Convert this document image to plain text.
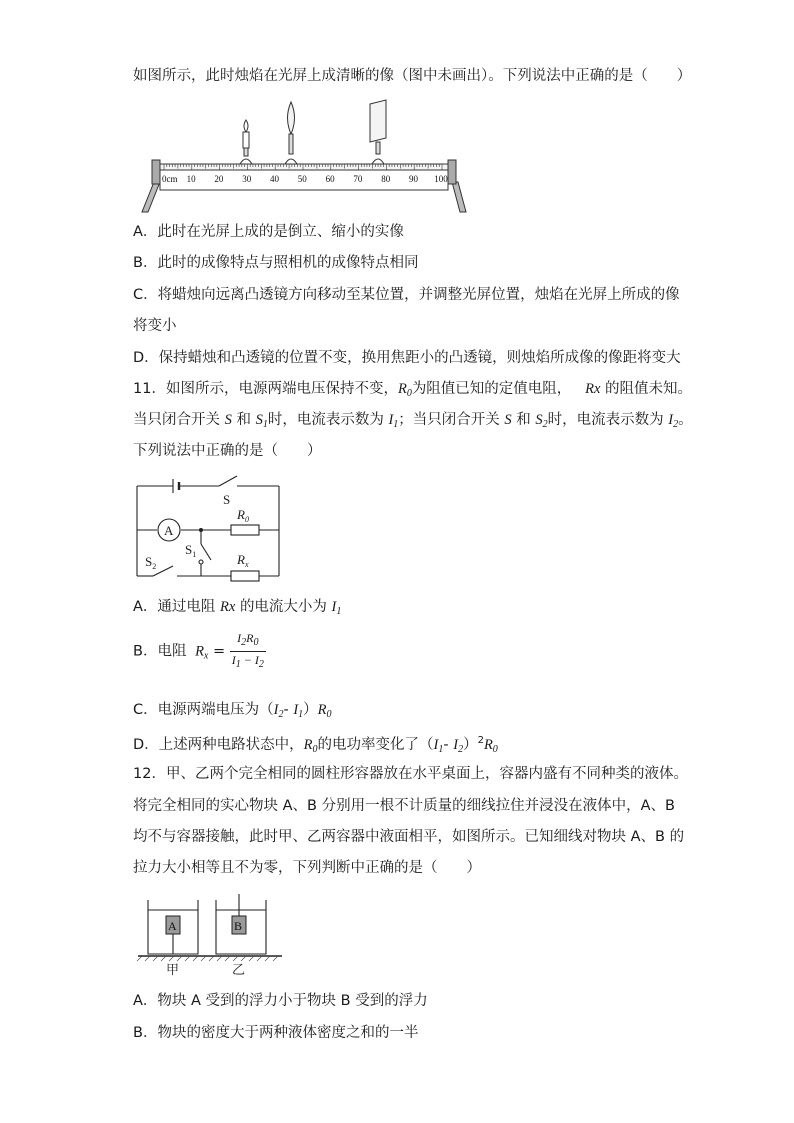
如图所示，此时烛焰在光屏上成清晰的像（图中未画出）。下列说法中正确的是（　　）
0cm 10 20 30 40 50 60 70 80 90 100
A．此时在光屏上成的是倒立、缩小的实像
B．此时的成像特点与照相机的成像特点相同
C．将蜡烛向远离凸透镜方向移动至某位置，并调整光屏位置，烛焰在光屏上所成的像
将变小
D．保持蜡烛和凸透镜的位置不变，换用焦距小的凸透镜，则烛焰所成像的像距将变大
11．如图所示，电源两端电压保持不变，$R_0$为阻值已知的定值电阻， Rx 的阻值未知。
当只闭合开关 S 和 $S_1$时，电流表示数为 $I_1$；当只闭合开关 S 和 $S_2$时，电流表示数为 $I_2$。
下列说法中正确的是（　　）
S
A
$R_0$
$S_1$
$S_2$	$R_x$
A．通过电阻 Rx 的电流大小为 $I_1$
B．电阻 $R_x = \frac{I_2R_0}{I_1 - I_2}$
C．电源两端电压为（$I_2-$ $I_1)R_0$
D．上述两种电路状态中，$R_0$的电功率变化了（$I_1-$ $I_2)^2R_0$
12．甲、乙两个完全相同的圆柱形容器放在水平桌面上，容器内盛有不同种类的液体。
将完全相同的实心物块 A、B 分别用一根不计质量的细线拉住并浸没在液体中，A、B
均不与容器接触，此时甲、乙两容器中液面相平，如图所示。已知细线对物块 A、B 的
拉力大小相等且不为零，下列判断中正确的是（　　）
A	B
甲	乙
A．物块 A 受到的浮力小于物块 B 受到的浮力
B．物块的密度大于两种液体密度之和的一半
